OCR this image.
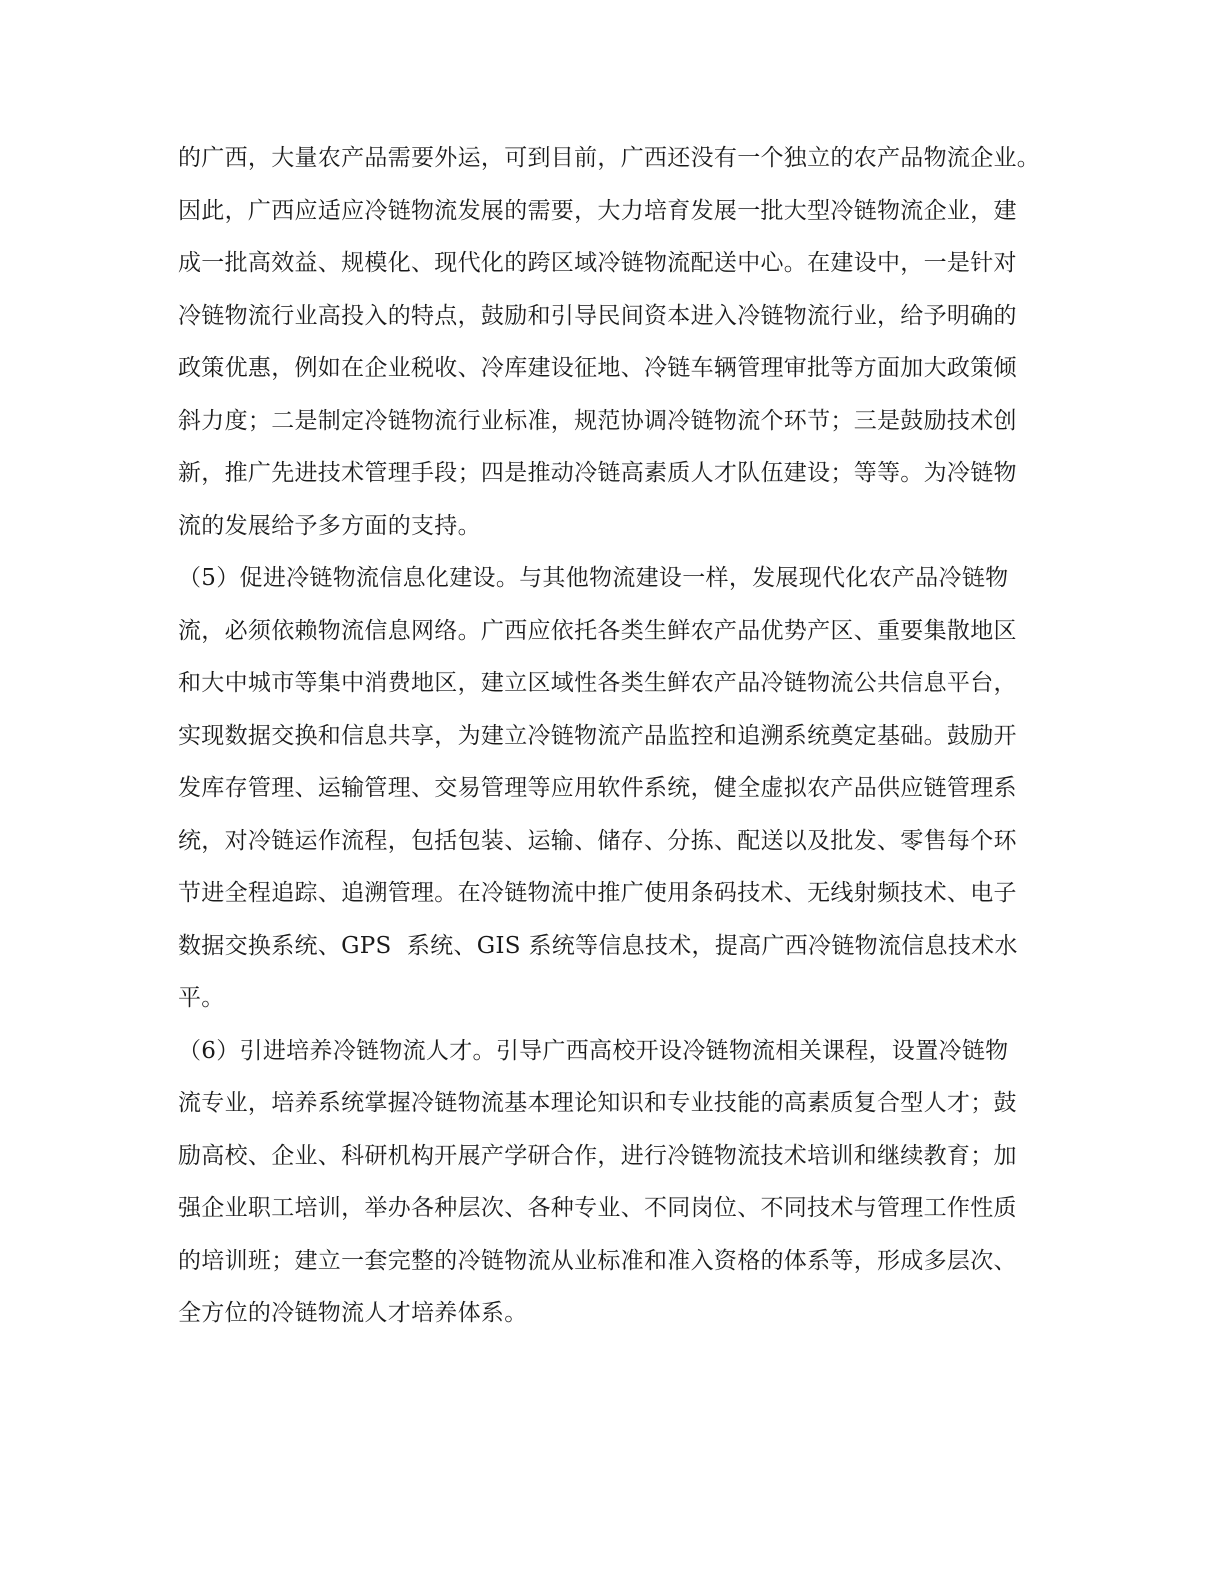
的广西，大量农产品需要外运，可到目前，广西还没有一个独立的农产品物流企业。
因此，广西应适应冷链物流发展的需要，大力培育发展一批大型冷链物流企业，建
成一批高效益、规模化、现代化的跨区域冷链物流配送中心。在建设中，一是针对
冷链物流行业高投入的特点，鼓励和引导民间资本进入冷链物流行业，给予明确的
政策优惠，例如在企业税收、冷库建设征地、冷链车辆管理审批等方面加大政策倾
斜力度；二是制定冷链物流行业标准，规范协调冷链物流个环节；三是鼓励技术创
新，推广先进技术管理手段；四是推动冷链高素质人才队伍建设；等等。为冷链物
流的发展给予多方面的支持。
（5）促进冷链物流信息化建设。与其他物流建设一样，发展现代化农产品冷链物
流，必须依赖物流信息网络。广西应依托各类生鲜农产品优势产区、重要集散地区
和大中城市等集中消费地区，建立区域性各类生鲜农产品冷链物流公共信息平台，
实现数据交换和信息共享，为建立冷链物流产品监控和追溯系统奠定基础。鼓励开
发库存管理、运输管理、交易管理等应用软件系统，健全虚拟农产品供应链管理系
统，对冷链运作流程，包括包装、运输、储存、分拣、配送以及批发、零售每个环
节进全程追踪、追溯管理。在冷链物流中推广使用条码技术、无线射频技术、电子
数据交换系统、GPS  系统、GIS 系统等信息技术，提高广西冷链物流信息技术水
平。
（6）引进培养冷链物流人才。引导广西高校开设冷链物流相关课程，设置冷链物
流专业，培养系统掌握冷链物流基本理论知识和专业技能的高素质复合型人才；鼓
励高校、企业、科研机构开展产学研合作，进行冷链物流技术培训和继续教育；加
强企业职工培训，举办各种层次、各种专业、不同岗位、不同技术与管理工作性质
的培训班；建立一套完整的冷链物流从业标准和准入资格的体系等，形成多层次、
全方位的冷链物流人才培养体系。
